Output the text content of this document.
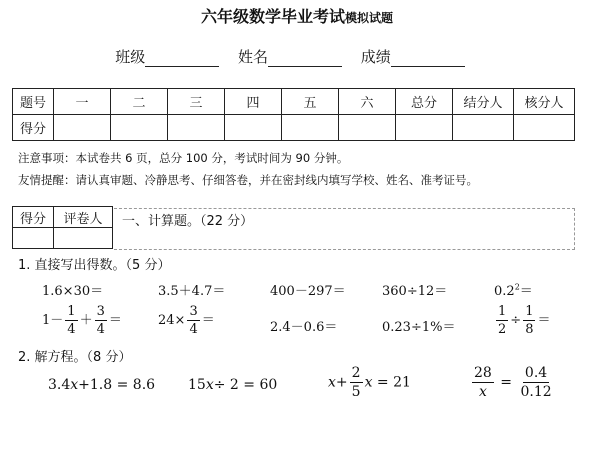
六年级数学毕业考试模拟试题
班级	姓名	成绩
题号	一	二	三	四	五	六	总分	结分人	核分人
得分									
注意事项：本试卷共 6 页，总分 100 分，考试时间为 90 分钟。
友情提醒：请认真审题、冷静思考、仔细答卷，并在密封线内填写学校、姓名、准考证号。
得分	评卷人
	一、计算题。（22 分）
1. 直接写出得数。（5 分）
1.6×30＝	3.5＋4.7＝	400－297＝	360÷12＝	$0.2^2=$
$1- \frac{1}{4} + \frac{3}{4}$ ＝	$24\times \frac{3}{4}$ ＝	2.4－0.6＝	0.23÷1%＝	$\frac{1}{2} \div \frac{1}{8}$ ＝
2. 解方程。（8 分）
3.4x+1.8 = 8.6 15x÷ 2 = 60	$x+ \frac{2}{5}$ x = 21	$\frac{28}{x} = \frac{0.4}{0.12}$
